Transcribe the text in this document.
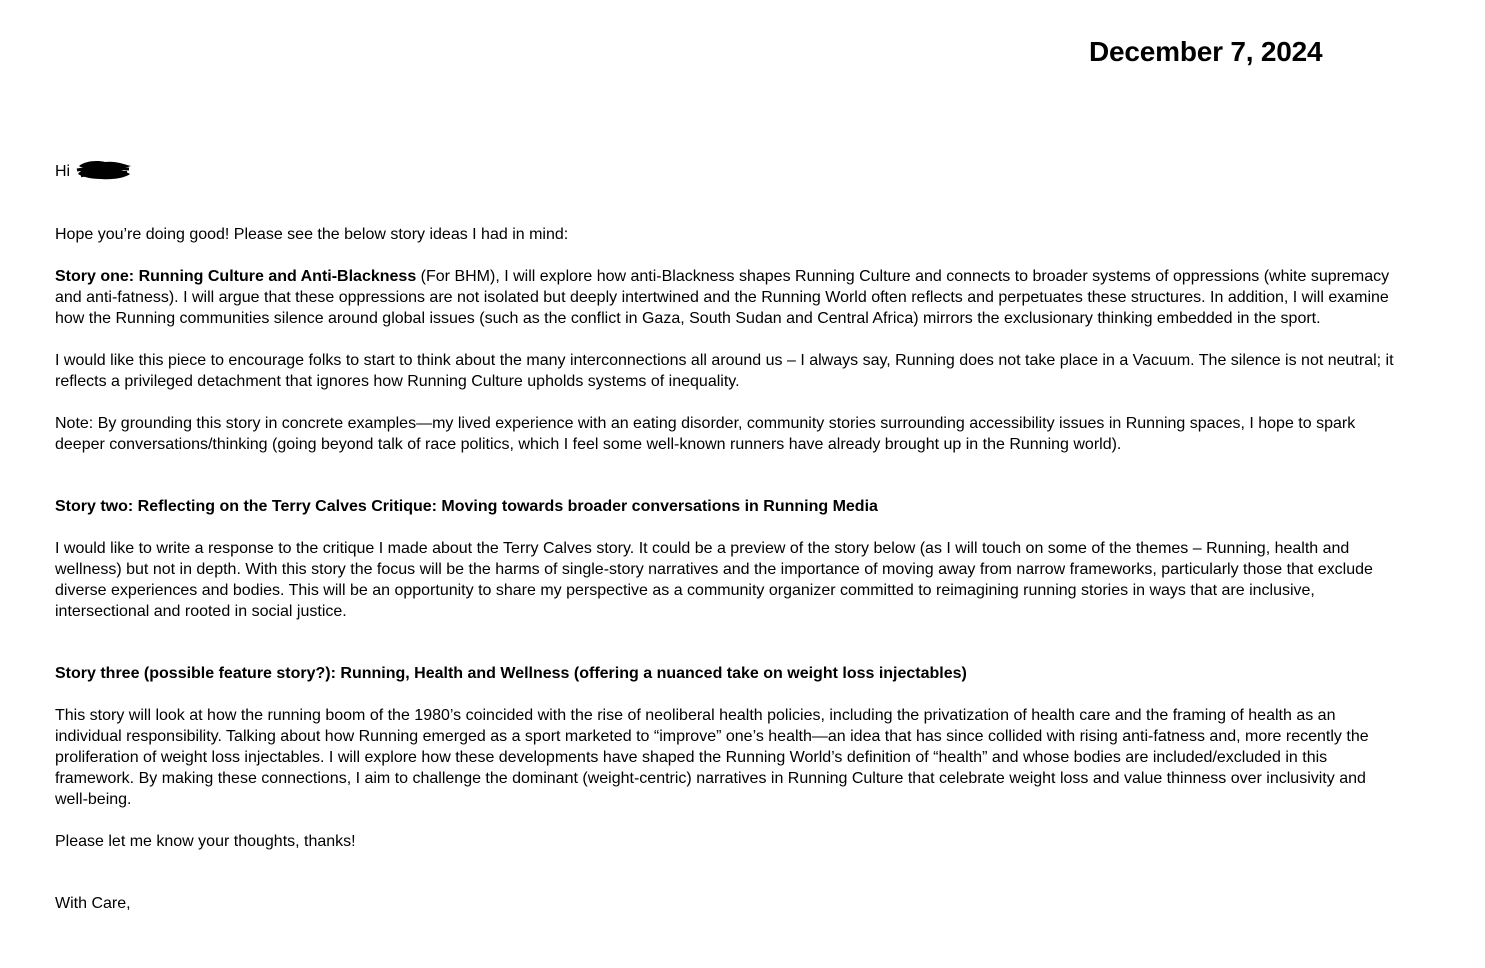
December 7, 2024
Hi

Hope you’re doing good! Please see the below story ideas I had in mind:

Story one: Running Culture and Anti-Blackness (For BHM), I will explore how anti-Blackness shapes Running Culture and connects to broader systems of oppressions (white supremacy and anti-fatness). I will argue that these oppressions are not isolated but deeply intertwined and the Running World often reflects and perpetuates these structures. In addition, I will examine how the Running communities silence around global issues (such as the conflict in Gaza, South Sudan and Central Africa) mirrors the exclusionary thinking embedded in the sport.

I would like this piece to encourage folks to start to think about the many interconnections all around us – I always say, Running does not take place in a Vacuum. The silence is not neutral; it reflects a privileged detachment that ignores how Running Culture upholds systems of inequality.

Note: By grounding this story in concrete examples—my lived experience with an eating disorder, community stories surrounding accessibility issues in Running spaces, I hope to spark deeper conversations/thinking (going beyond talk of race politics, which I feel some well-known runners have already brought up in the Running world).

Story two: Reflecting on the Terry Calves Critique: Moving towards broader conversations in Running Media

I would like to write a response to the critique I made about the Terry Calves story. It could be a preview of the story below (as I will touch on some of the themes – Running, health and wellness) but not in depth. With this story the focus will be the harms of single-story narratives and the importance of moving away from narrow frameworks, particularly those that exclude diverse experiences and bodies. This will be an opportunity to share my perspective as a community organizer committed to reimagining running stories in ways that are inclusive, intersectional and rooted in social justice.

Story three (possible feature story?): Running, Health and Wellness (offering a nuanced take on weight loss injectables)

This story will look at how the running boom of the 1980’s coincided with the rise of neoliberal health policies, including the privatization of health care and the framing of health as an individual responsibility. Talking about how Running emerged as a sport marketed to “improve” one’s health—an idea that has since collided with rising anti-fatness and, more recently the proliferation of weight loss injectables. I will explore how these developments have shaped the Running World’s definition of “health” and whose bodies are included/excluded in this framework. By making these connections, I aim to challenge the dominant (weight-centric) narratives in Running Culture that celebrate weight loss and value thinness over inclusivity and well-being.

Please let me know your thoughts, thanks!

With Care,
